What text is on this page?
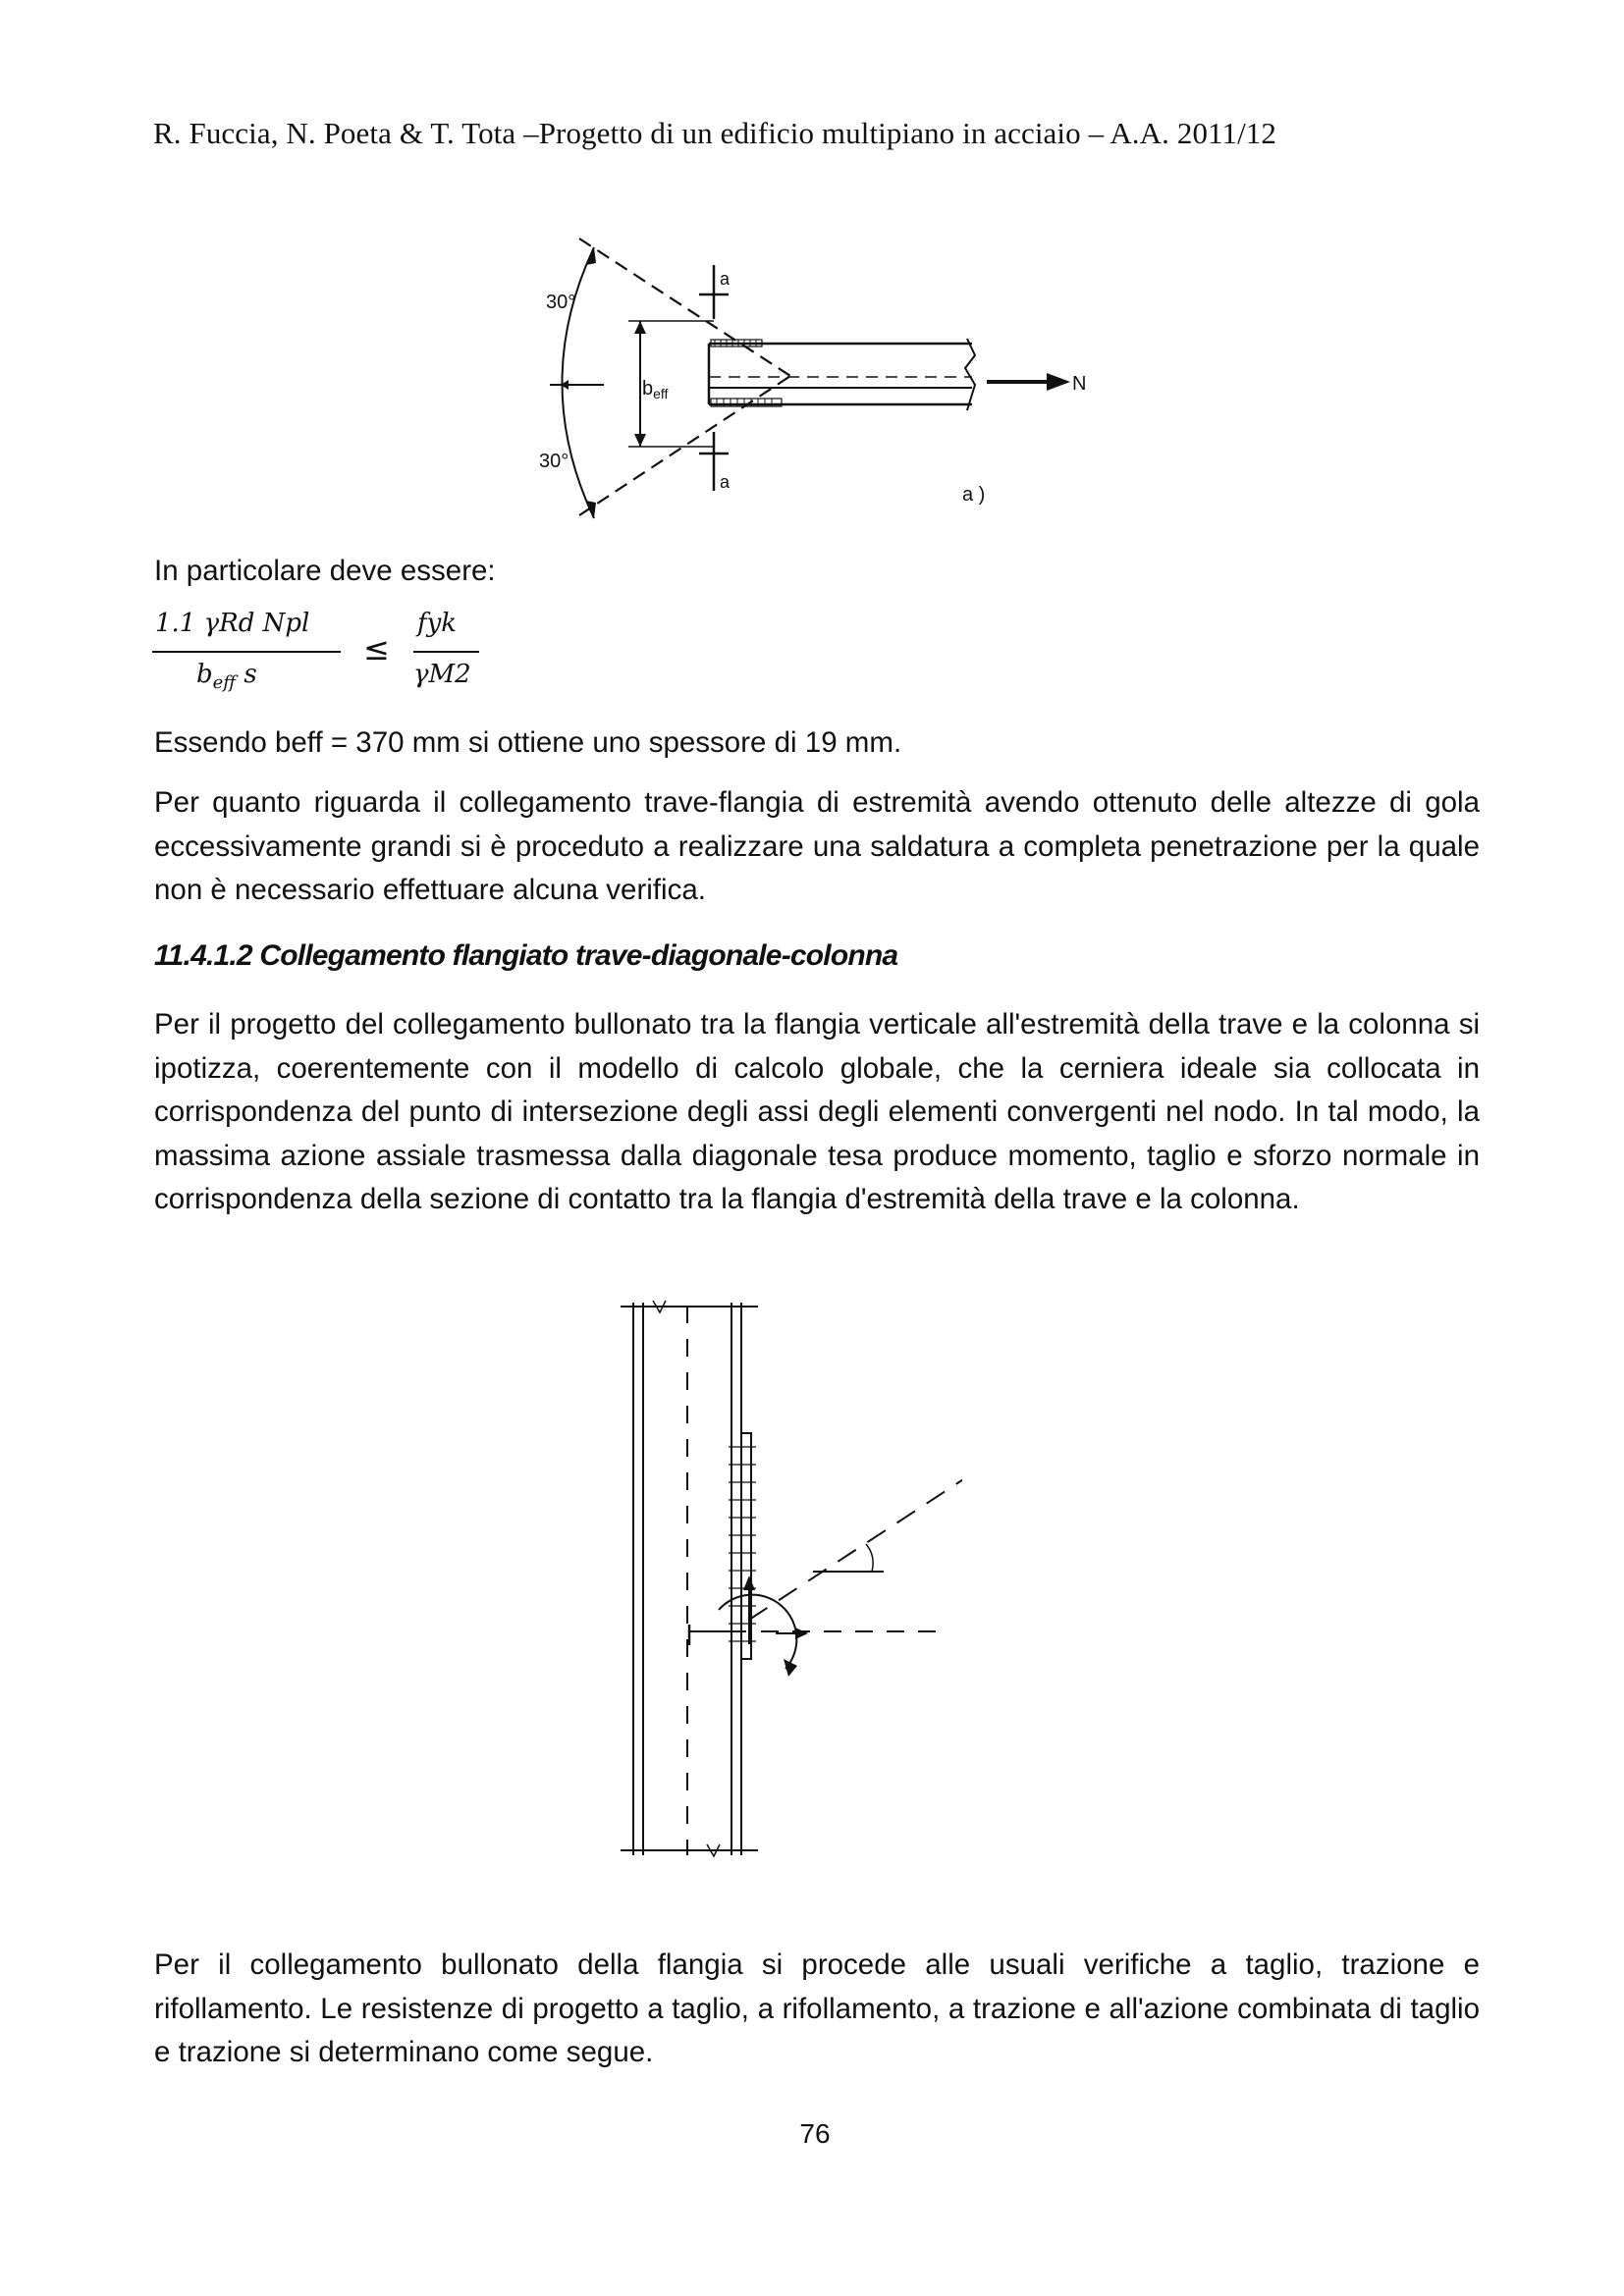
R. Fuccia, N. Poeta & T. Tota –Progetto di un edificio multipiano in acciaio – A.A. 2011/12
30°
30°
a
a
$b_{eff}$	N
a )
In particolare deve essere:
1.1 γRd Npl
$b_{eff}$ s
≤
fyk
γM2
Essendo beff = 370 mm si ottiene uno spessore di 19 mm.
Per quanto riguarda il collegamento trave-flangia di estremità avendo ottenuto delle altezze di gola eccessivamente grandi si è proceduto a realizzare una saldatura a completa penetrazione per la quale non è necessario effettuare alcuna verifica.
11.4.1.2 Collegamento flangiato trave-diagonale-colonna
Per il progetto del collegamento bullonato tra la flangia verticale all'estremità della trave e la colonna si ipotizza, coerentemente con il modello di calcolo globale, che la cerniera ideale sia collocata in corrispondenza del punto di intersezione degli assi degli elementi convergenti nel nodo. In tal modo, la massima azione assiale trasmessa dalla diagonale tesa produce momento, taglio e sforzo normale in corrispondenza della sezione di contatto tra la flangia d'estremità della trave e la colonna.
Per il collegamento bullonato della flangia si procede alle usuali verifiche a taglio, trazione e rifollamento. Le resistenze di progetto a taglio, a rifollamento, a trazione e all'azione combinata di taglio e trazione si determinano come segue.
76
